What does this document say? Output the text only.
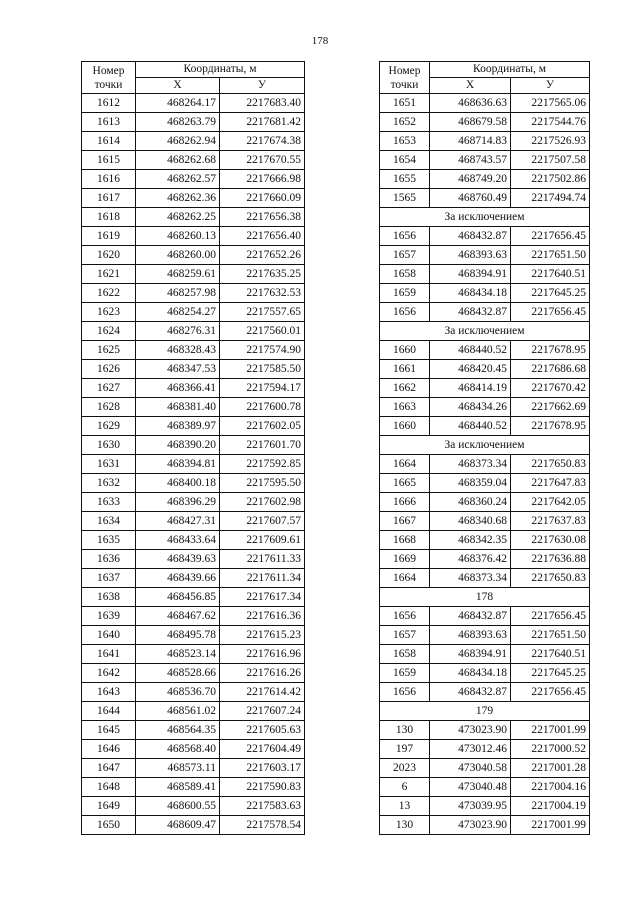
178
Номер
точки	Координаты, м	
	Х	У
1612	468264.17	2217683.40
1613	468263.79	2217681.42
1614	468262.94	2217674.38
1615	468262.68	2217670.55
1616	468262.57	2217666.98
1617	468262.36	2217660.09
1618	468262.25	2217656.38
1619	468260.13	2217656.40
1620	468260.00	2217652.26
1621	468259.61	2217635.25
1622	468257.98	2217632.53
1623	468254.27	2217557.65
1624	468276.31	2217560.01
1625	468328.43	2217574.90
1626	468347.53	2217585.50
1627	468366.41	2217594.17
1628	468381.40	2217600.78
1629	468389.97	2217602.05
1630	468390.20	2217601.70
1631	468394.81	2217592.85
1632	468400.18	2217595.50
1633	468396.29	2217602.98
1634	468427.31	2217607.57
1635	468433.64	2217609.61
1636	468439.63	2217611.33
1637	468439.66	2217611.34
1638	468456.85	2217617.34
1639	468467.62	2217616.36
1640	468495.78	2217615.23
1641	468523.14	2217616.96
1642	468528.66	2217616.26
1643	468536.70	2217614.42
1644	468561.02	2217607.24
1645	468564.35	2217605.63
1646	468568.40	2217604.49
1647	468573.11	2217603.17
1648	468589.41	2217590.83
1649	468600.55	2217583.63
1650	468609.47	2217578.54
Номер
точки	Координаты, м	
	Х	У
1651	468636.63	2217565.06
1652	468679.58	2217544.76
1653	468714.83	2217526.93
1654	468743.57	2217507.58
1655	468749.20	2217502.86
1565	468760.49	2217494.74
За исключением		
1656	468432.87	2217656.45
1657	468393.63	2217651.50
1658	468394.91	2217640.51
1659	468434.18	2217645.25
1656	468432.87	2217656.45
За исключением		
1660	468440.52	2217678.95
1661	468420.45	2217686.68
1662	468414.19	2217670.42
1663	468434.26	2217662.69
1660	468440.52	2217678.95
За исключением		
1664	468373.34	2217650.83
1665	468359.04	2217647.83
1666	468360.24	2217642.05
1667	468340.68	2217637.83
1668	468342.35	2217630.08
1669	468376.42	2217636.88
1664	468373.34	2217650.83
178		
1656	468432.87	2217656.45
1657	468393.63	2217651.50
1658	468394.91	2217640.51
1659	468434.18	2217645.25
1656	468432.87	2217656.45
179		
130	473023.90	2217001.99
197	473012.46	2217000.52
2023	473040.58	2217001.28
6	473040.48	2217004.16
13	473039.95	2217004.19
130	473023.90	2217001.99
